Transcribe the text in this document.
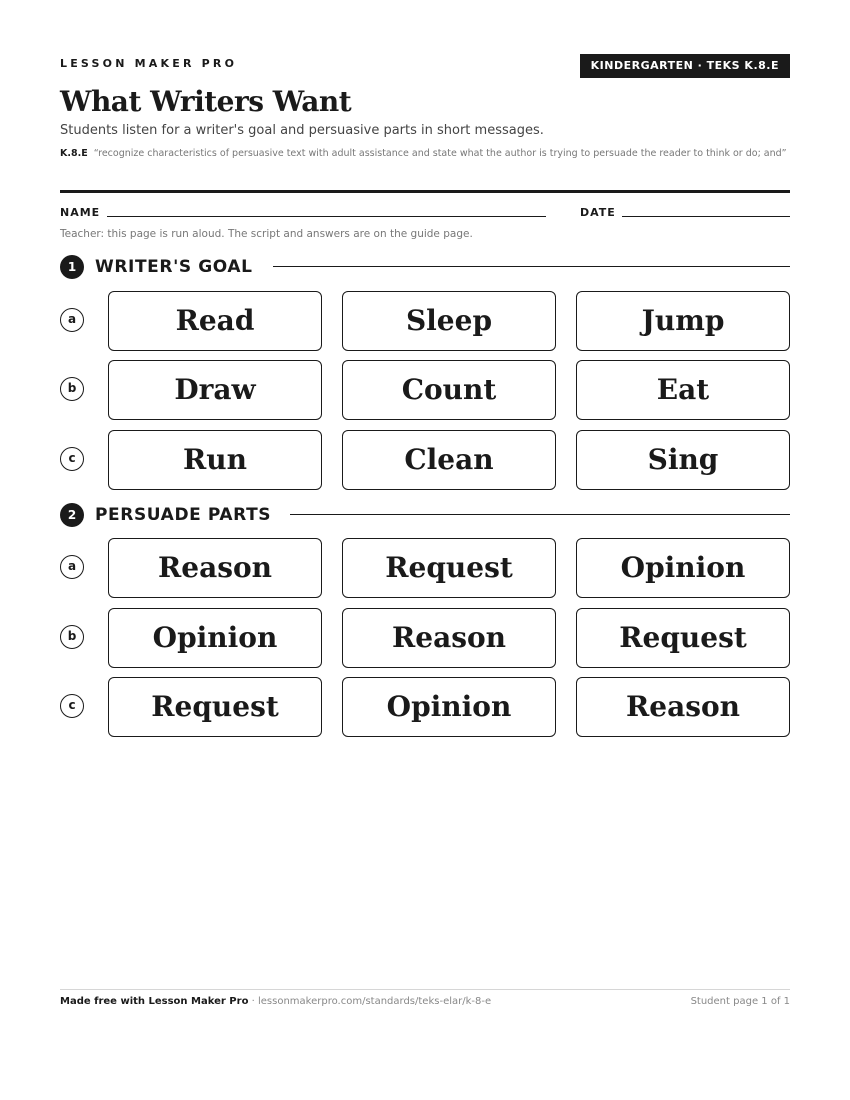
LESSON MAKER PRO	KINDERGARTEN · TEKS K.8.E
What Writers Want
Students listen for a writer's goal and persuasive parts in short messages.
K.8.E “recognize characteristics of persuasive text with adult assistance and state what the author is trying to persuade the reader to think or do; and”
NAME	DATE
Teacher: this page is run aloud. The script and answers are on the guide page.
1	WRITER'S GOAL
a	Read	Sleep	Jump
b	Draw	Count	Eat
c	Run	Clean	Sing
2	PERSUADE PARTS
a	Reason	Request	Opinion
b	Opinion	Reason	Request
c	Request	Opinion	Reason
Made free with Lesson Maker Pro · lessonmakerpro.com/standards/teks-elar/k-8-e	Student page 1 of 1
